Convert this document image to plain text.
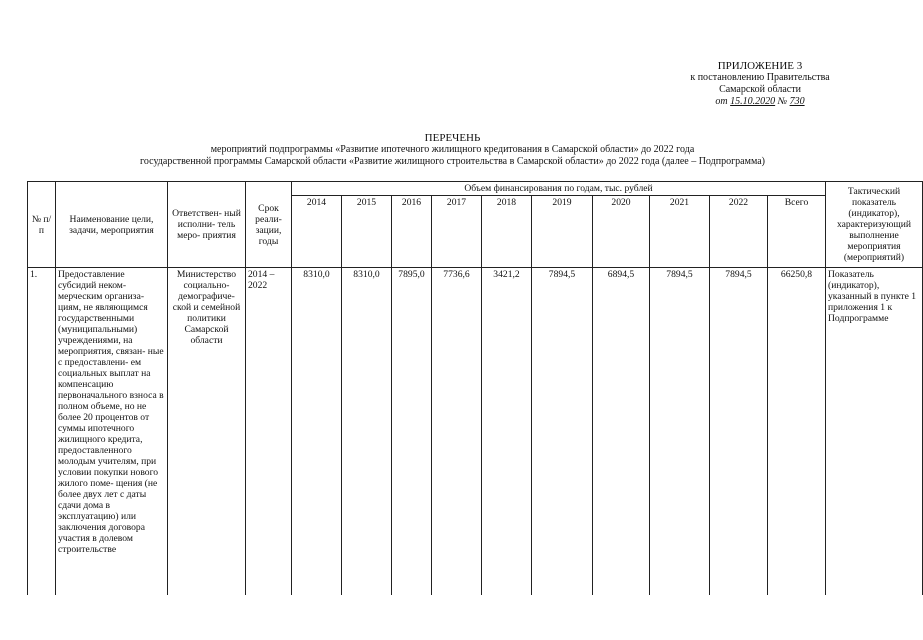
ПРИЛОЖЕНИЕ 3
к постановлению Правительства
Самарской области
от 15.10.2020 № 730
ПЕРЕЧЕНЬ
мероприятий подпрограммы «Развитие ипотечного жилищного кредитования в Самарской области» до 2022 года
государственной программы Самарской области «Развитие жилищного строительства в Самарской области» до 2022 года (далее – Подпрограмма)
№ п/п	Наименование цели, задачи, мероприятия	Ответствен- ный исполни- тель меро- приятия	Срок реали- зации, годы	Объем финансирования по годам, тыс. рублей										Тактический показатель (индикатор), характеризующий выполнение мероприятия (мероприятий)
				2014	2015	2016	2017	2018	2019	2020	2021	2022	Всего	
1.	Предоставление субсидий неком- мерческим организа- циям, не являющимся государственными (муниципальными) учреждениями, на мероприятия, связан- ные с предоставлени- ем социальных выплат на компенсацию первоначального взноса в полном объеме, но не более 20 процентов от суммы ипотечного жилищного кредита, предоставленного молодым учителям, при условии покупки нового жилого поме- щения (не более двух лет с даты сдачи дома в эксплуатацию) или заключения договора участия в долевом строительстве	Министерство социально- демографиче- ской и семейной политики Самарской области	2014 – 2022	8310,0	8310,0	7895,0	7736,6	3421,2	7894,5	6894,5	7894,5	7894,5	66250,8	Показатель (индикатор), указанный в пункте 1 приложения 1 к Подпрограмме
